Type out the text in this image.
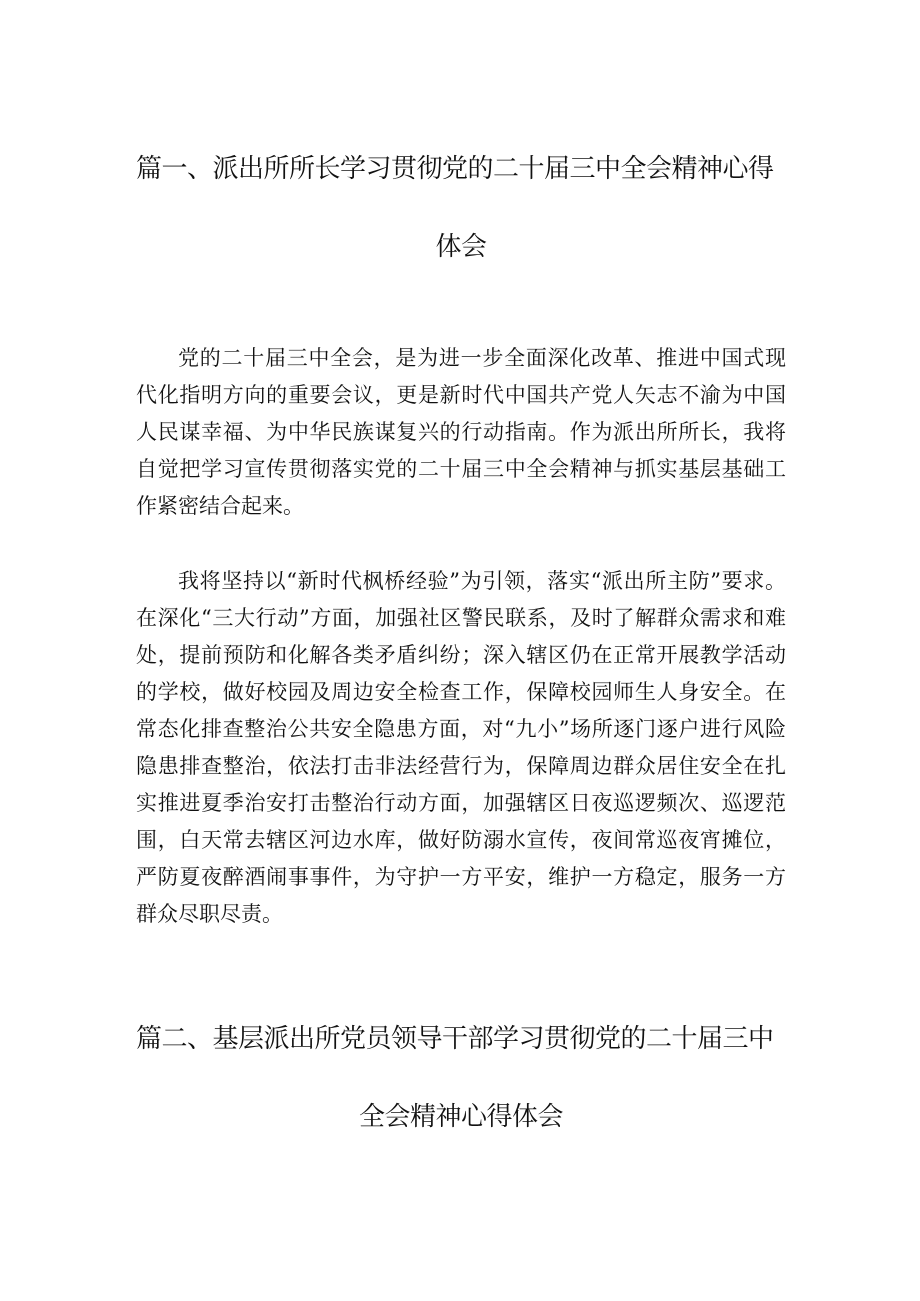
篇一、派出所所长学习贯彻党的二十届三中全会精神心得
体会

党的二十届三中全会，是为进一步全面深化改革、推进中国式现代化指明方向的重要会议，更是新时代中国共产党人矢志不渝为中国人民谋幸福、为中华民族谋复兴的行动指南。作为派出所所长，我将自觉把学习宣传贯彻落实党的二十届三中全会精神与抓实基层基础工作紧密结合起来。

我将坚持以“新时代枫桥经验”为引领，落实“派出所主防”要求。在深化“三大行动”方面，加强社区警民联系，及时了解群众需求和难处，提前预防和化解各类矛盾纠纷；深入辖区仍在正常开展教学活动的学校，做好校园及周边安全检查工作，保障校园师生人身安全。在常态化排查整治公共安全隐患方面，对“九小”场所逐门逐户进行风险隐患排查整治，依法打击非法经营行为，保障周边群众居住安全在扎实推进夏季治安打击整治行动方面，加强辖区日夜巡逻频次、巡逻范围，白天常去辖区河边水库，做好防溺水宣传，夜间常巡夜宵摊位，严防夏夜醉酒闹事事件，为守护一方平安，维护一方稳定，服务一方群众尽职尽责。

篇二、基层派出所党员领导干部学习贯彻党的二十届三中
全会精神心得体会
